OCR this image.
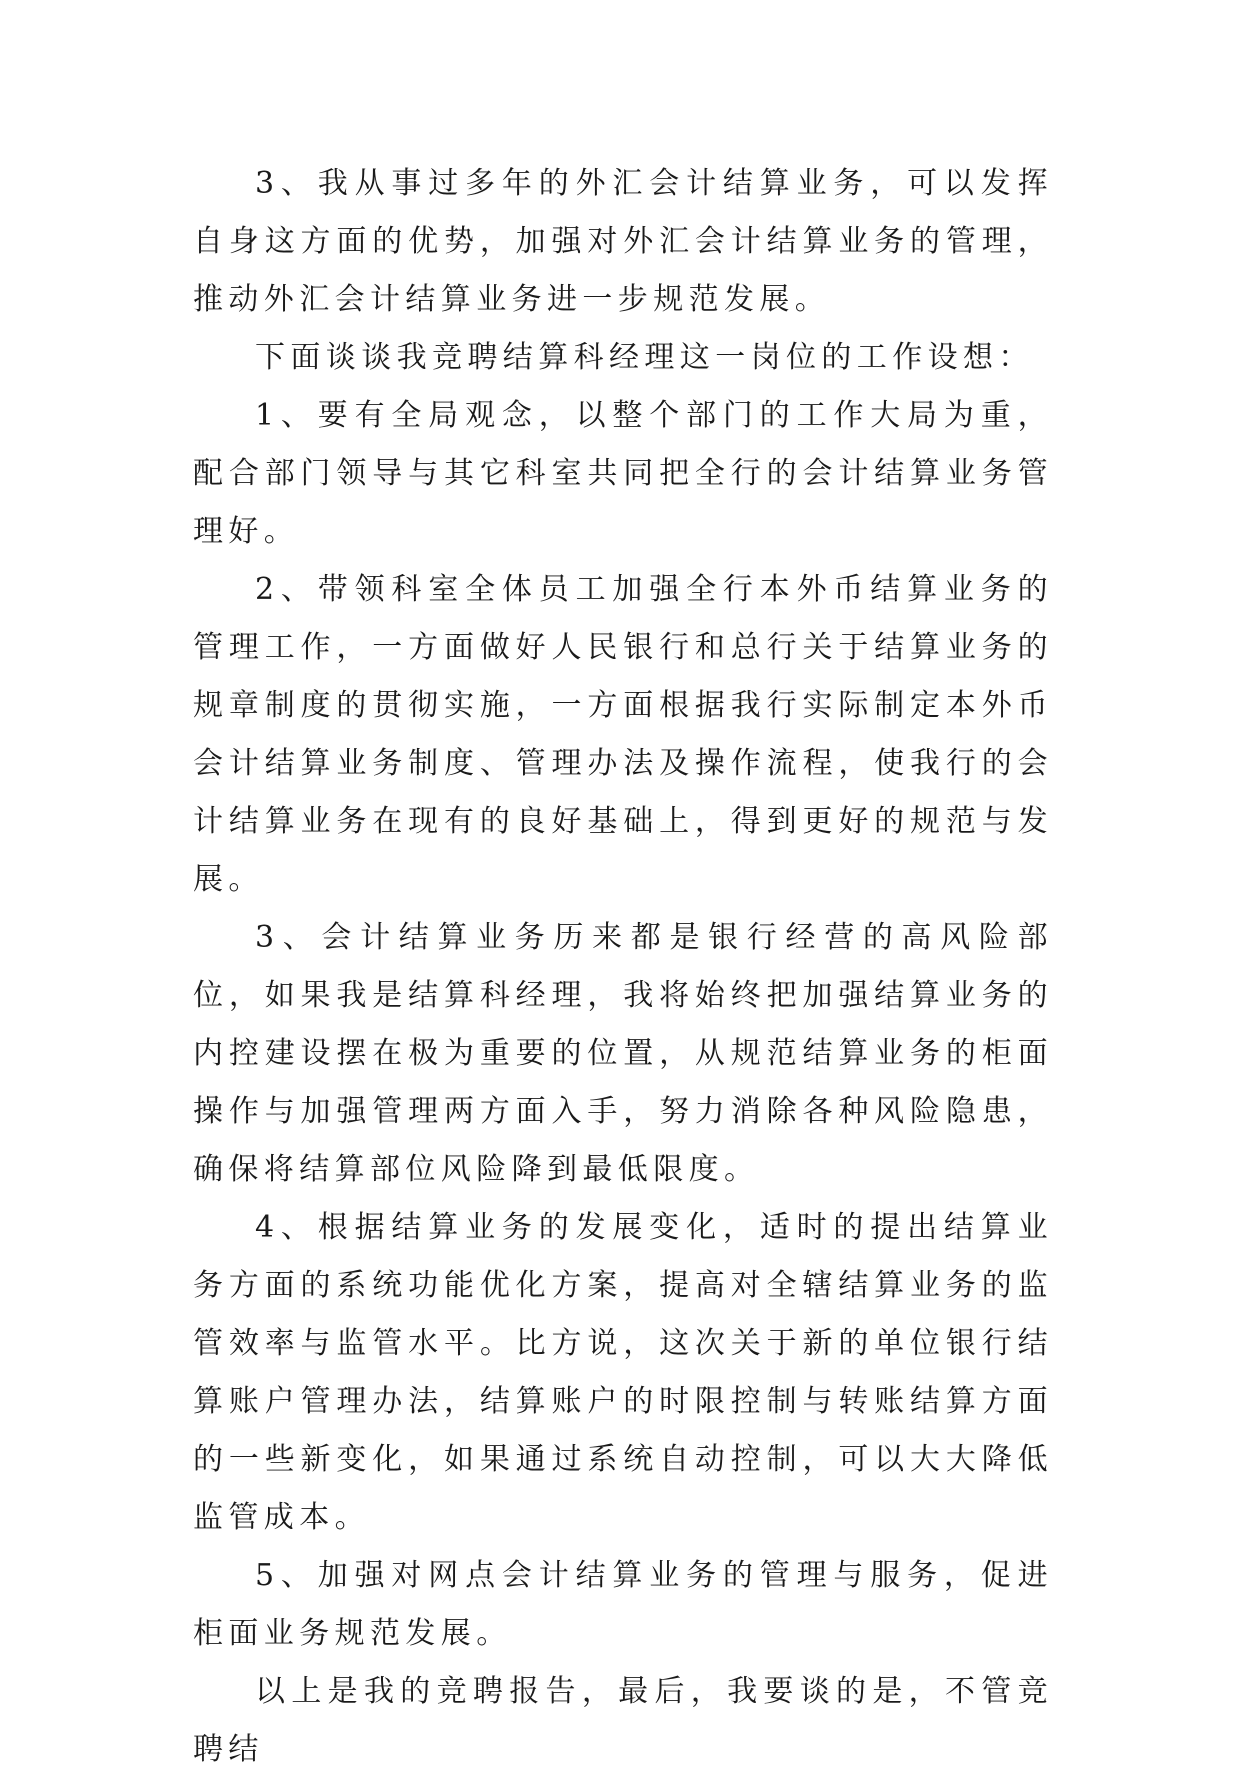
3、我从事过多年的外汇会计结算业务，可以发挥自身这方面的优势，加强对外汇会计结算业务的管理，推动外汇会计结算业务进一步规范发展。

下面谈谈我竞聘结算科经理这一岗位的工作设想：

1、要有全局观念，以整个部门的工作大局为重，配合部门领导与其它科室共同把全行的会计结算业务管理好。

2、带领科室全体员工加强全行本外币结算业务的管理工作，一方面做好人民银行和总行关于结算业务的规章制度的贯彻实施，一方面根据我行实际制定本外币会计结算业务制度、管理办法及操作流程，使我行的会计结算业务在现有的良好基础上，得到更好的规范与发展。

3、会计结算业务历来都是银行经营的高风险部位，如果我是结算科经理，我将始终把加强结算业务的内控建设摆在极为重要的位置，从规范结算业务的柜面操作与加强管理两方面入手，努力消除各种风险隐患，确保将结算部位风险降到最低限度。

4、根据结算业务的发展变化，适时的提出结算业务方面的系统功能优化方案，提高对全辖结算业务的监管效率与监管水平。比方说，这次关于新的单位银行结算账户管理办法，结算账户的时限控制与转账结算方面的一些新变化，如果通过系统自动控制，可以大大降低监管成本。

5、加强对网点会计结算业务的管理与服务，促进柜面业务规范发展。

以上是我的竞聘报告，最后，我要谈的是，不管竞聘结
